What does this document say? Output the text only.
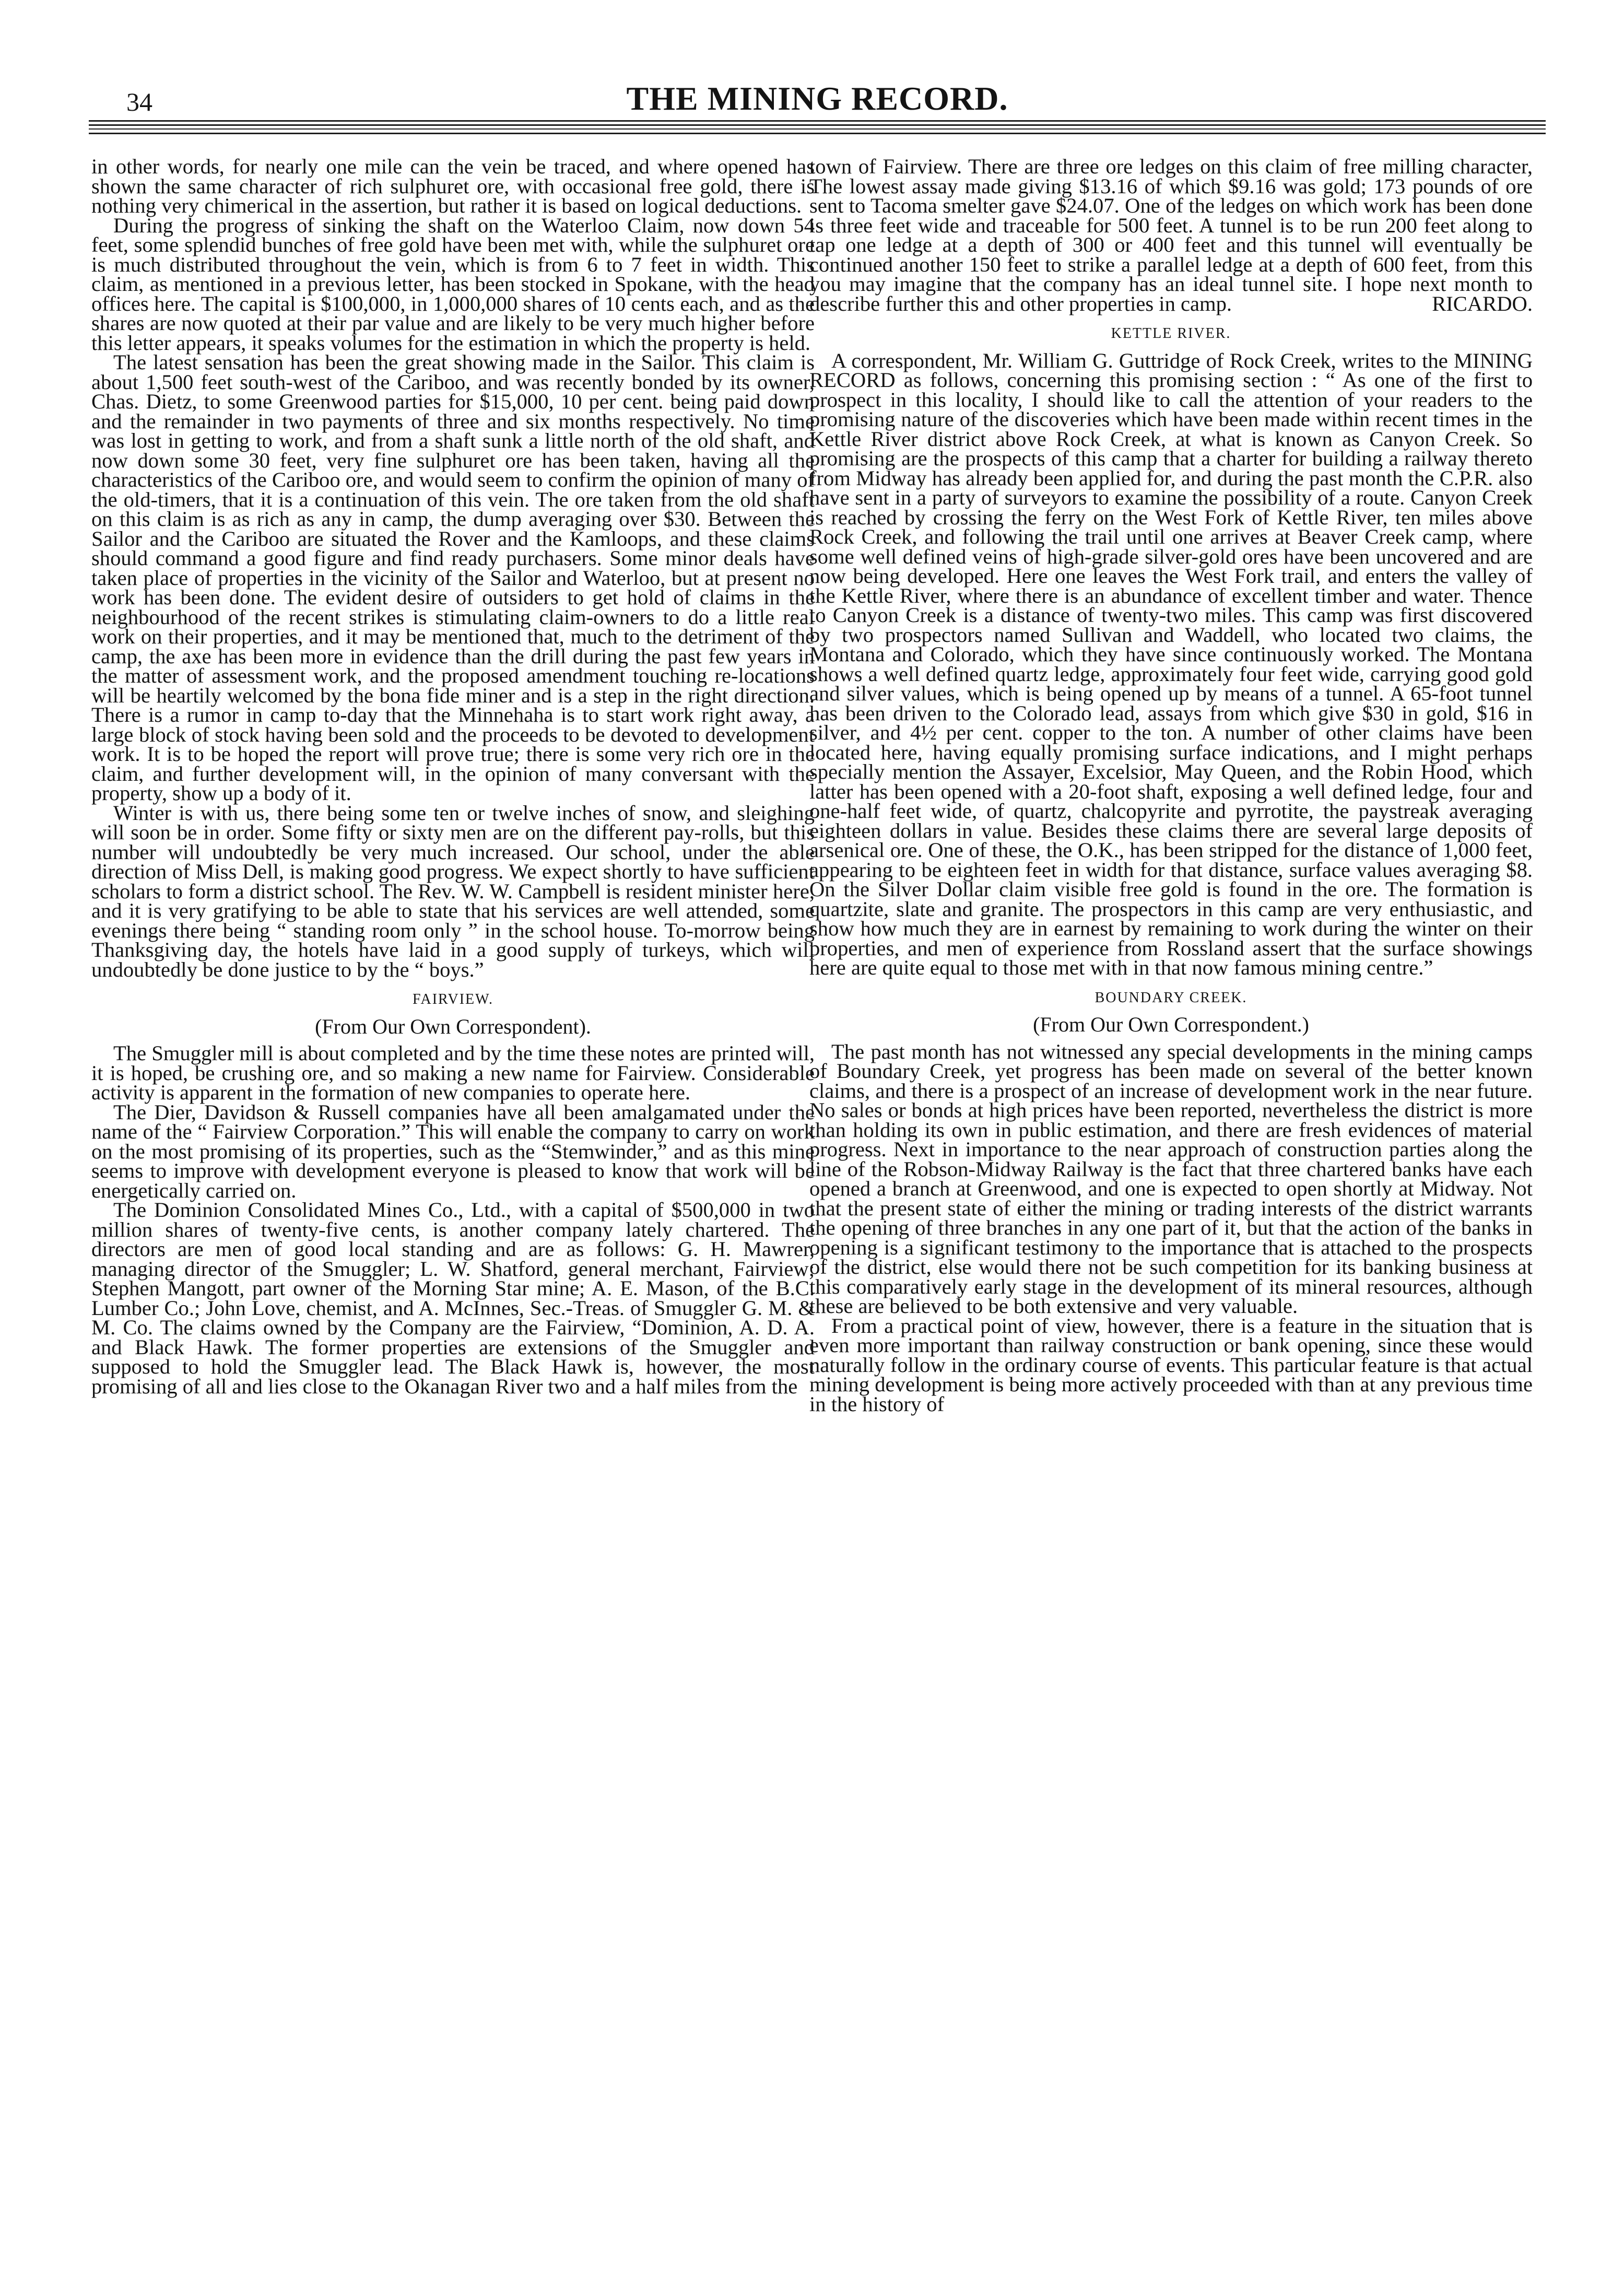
34	THE MINING RECORD.

in other words, for nearly one mile can the vein be traced, and where opened has shown the same character of rich sulphuret ore, with occasional free gold, there is nothing very chimerical in the assertion, but rather it is based on logical deductions.

During the progress of sinking the shaft on the Waterloo Claim, now down 54 feet, some splendid bunches of free gold have been met with, while the sulphuret ore is much distributed throughout the vein, which is from 6 to 7 feet in width. This claim, as mentioned in a previous letter, has been stocked in Spokane, with the head offices here. The capital is $100,000, in 1,000,000 shares of 10 cents each, and as the shares are now quoted at their par value and are likely to be very much higher before this letter appears, it speaks volumes for the estimation in which the property is held.

The latest sensation has been the great showing made in the Sailor. This claim is about 1,500 feet south-west of the Cariboo, and was recently bonded by its owner, Chas. Dietz, to some Greenwood parties for $15,000, 10 per cent. being paid down and the remainder in two payments of three and six months respectively. No time was lost in getting to work, and from a shaft sunk a little north of the old shaft, and now down some 30 feet, very fine sulphuret ore has been taken, having all the characteristics of the Cariboo ore, and would seem to confirm the opinion of many of the old-timers, that it is a continuation of this vein. The ore taken from the old shaft on this claim is as rich as any in camp, the dump averaging over $30. Between the Sailor and the Cariboo are situated the Rover and the Kamloops, and these claims should command a good figure and find ready purchasers. Some minor deals have taken place of properties in the vicinity of the Sailor and Waterloo, but at present no work has been done. The evident desire of outsiders to get hold of claims in the neighbourhood of the recent strikes is stimulating claim-owners to do a little real work on their properties, and it may be mentioned that, much to the detriment of the camp, the axe has been more in evidence than the drill during the past few years in the matter of assessment work, and the proposed amendment touching re-locations will be heartily welcomed by the bona fide miner and is a step in the right direction. There is a rumor in camp to-day that the Minnehaha is to start work right away, a large block of stock having been sold and the proceeds to be devoted to development work. It is to be hoped the report will prove true; there is some very rich ore in the claim, and further development will, in the opinion of many conversant with the property, show up a body of it.

Winter is with us, there being some ten or twelve inches of snow, and sleighing will soon be in order. Some fifty or sixty men are on the different pay-rolls, but this number will undoubtedly be very much increased. Our school, under the able direction of Miss Dell, is making good progress. We expect shortly to have sufficient scholars to form a district school. The Rev. W. W. Campbell is resident minister here, and it is very gratifying to be able to state that his services are well attended, some evenings there being “ standing room only ” in the school house. To-morrow being Thanksgiving day, the hotels have laid in a good supply of turkeys, which will undoubtedly be done justice to by the “ boys.”

FAIRVIEW.
(From Our Own Correspondent).

The Smuggler mill is about completed and by the time these notes are printed will, it is hoped, be crushing ore, and so making a new name for Fairview. Considerable activity is apparent in the formation of new companies to operate here.

The Dier, Davidson & Russell companies have all been amalgamated under the name of the “ Fairview Corporation.” This will enable the company to carry on work on the most promising of its properties, such as the “Stemwinder,” and as this mine seems to improve with development everyone is pleased to know that work will be energetically carried on.

The Dominion Consolidated Mines Co., Ltd., with a capital of $500,000 in two million shares of twenty-five cents, is another company lately chartered. The directors are men of good local standing and are as follows: G. H. Mawrer, managing director of the Smuggler; L. W. Shatford, general merchant, Fairview; Stephen Mangott, part owner of the Morning Star mine; A. E. Mason, of the B.C. Lumber Co.; John Love, chemist, and A. McInnes, Sec.-Treas. of Smuggler G. M. & M. Co. The claims owned by the Company are the Fairview, “Dominion, A. D. A. and Black Hawk. The former properties are extensions of the Smuggler and supposed to hold the Smuggler lead. The Black Hawk is, however, the most promising of all and lies close to the Okanagan River two and a half miles from the

town of Fairview. There are three ore ledges on this claim of free milling character, The lowest assay made giving $13.16 of which $9.16 was gold; 173 pounds of ore sent to Tacoma smelter gave $24.07. One of the ledges on which work has been done is three feet wide and traceable for 500 feet. A tunnel is to be run 200 feet along to tap one ledge at a depth of 300 or 400 feet and this tunnel will eventually be continued another 150 feet to strike a parallel ledge at a depth of 600 feet, from this you may imagine that the company has an ideal tunnel site. I hope next month to describe further this and other properties in camp.	RICARDO.

KETTLE RIVER.

A correspondent, Mr. William G. Guttridge of Rock Creek, writes to the MINING RECORD as follows, concerning this promising section : “ As one of the first to prospect in this locality, I should like to call the attention of your readers to the promising nature of the discoveries which have been made within recent times in the Kettle River district above Rock Creek, at what is known as Canyon Creek. So promising are the prospects of this camp that a charter for building a railway thereto from Midway has already been applied for, and during the past month the C.P.R. also have sent in a party of surveyors to examine the possibility of a route. Canyon Creek is reached by crossing the ferry on the West Fork of Kettle River, ten miles above Rock Creek, and following the trail until one arrives at Beaver Creek camp, where some well defined veins of high-grade silver-gold ores have been uncovered and are now being developed. Here one leaves the West Fork trail, and enters the valley of the Kettle River, where there is an abundance of excellent timber and water. Thence to Canyon Creek is a distance of twenty-two miles. This camp was first discovered by two prospectors named Sullivan and Waddell, who located two claims, the Montana and Colorado, which they have since continuously worked. The Montana shows a well defined quartz ledge, approximately four feet wide, carrying good gold and silver values, which is being opened up by means of a tunnel. A 65-foot tunnel has been driven to the Colorado lead, assays from which give $30 in gold, $16 in silver, and 4½ per cent. copper to the ton. A number of other claims have been located here, having equally promising surface indications, and I might perhaps specially mention the Assayer, Excelsior, May Queen, and the Robin Hood, which latter has been opened with a 20-foot shaft, exposing a well defined ledge, four and one-half feet wide, of quartz, chalcopyrite and pyrrotite, the paystreak averaging eighteen dollars in value. Besides these claims there are several large deposits of arsenical ore. One of these, the O.K., has been stripped for the distance of 1,000 feet, appearing to be eighteen feet in width for that distance, surface values averaging $8. On the Silver Dollar claim visible free gold is found in the ore. The formation is quartzite, slate and granite. The prospectors in this camp are very enthusiastic, and show how much they are in earnest by remaining to work during the winter on their properties, and men of experience from Rossland assert that the surface showings here are quite equal to those met with in that now famous mining centre.”

BOUNDARY CREEK.
(From Our Own Correspondent.)

The past month has not witnessed any special developments in the mining camps of Boundary Creek, yet progress has been made on several of the better known claims, and there is a prospect of an increase of development work in the near future. No sales or bonds at high prices have been reported, nevertheless the district is more than holding its own in public estimation, and there are fresh evidences of material progress. Next in importance to the near approach of construction parties along the line of the Robson-Midway Railway is the fact that three chartered banks have each opened a branch at Greenwood, and one is expected to open shortly at Midway. Not that the present state of either the mining or trading interests of the district warrants the opening of three branches in any one part of it, but that the action of the banks in opening is a significant testimony to the importance that is attached to the prospects of the district, else would there not be such competition for its banking business at this comparatively early stage in the development of its mineral resources, although these are believed to be both extensive and very valuable.

From a practical point of view, however, there is a feature in the situation that is even more important than railway construction or bank opening, since these would naturally follow in the ordinary course of events. This particular feature is that actual mining development is being more actively proceeded with than at any previous time in the history of
